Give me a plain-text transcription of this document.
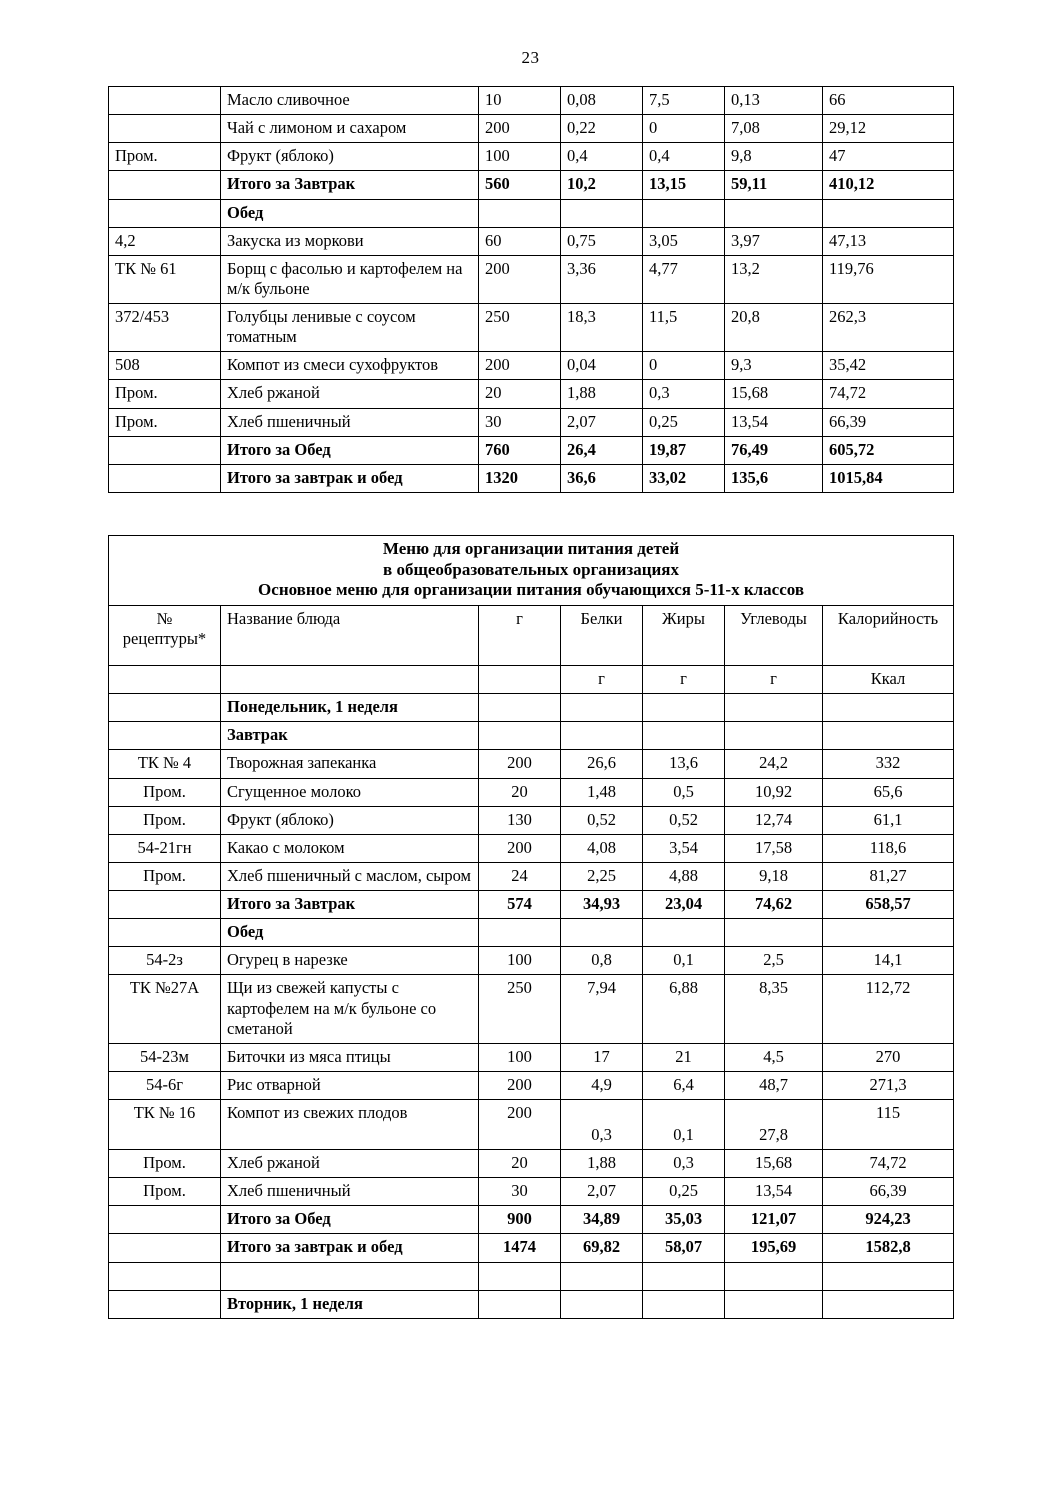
23
	Масло сливочное	10	0,08	7,5	0,13	66
	Чай с лимоном и сахаром	200	0,22	0	7,08	29,12
Пром.	Фрукт (яблоко)	100	0,4	0,4	9,8	47
	Итого за Завтрак	560	10,2	13,15	59,11	410,12
	Обед					
4,2	Закуска из моркови	60	0,75	3,05	3,97	47,13
ТК № 61	Борщ с фасолью и картофелем на м/к бульоне	200	3,36	4,77	13,2	119,76
372/453	Голубцы ленивые с соусом томатным	250	18,3	11,5	20,8	262,3
508	Компот из смеси сухофруктов	200	0,04	0	9,3	35,42
Пром.	Хлеб ржаной	20	1,88	0,3	15,68	74,72
Пром.	Хлеб пшеничный	30	2,07	0,25	13,54	66,39
	Итого за Обед	760	26,4	19,87	76,49	605,72
	Итого за завтрак и обед	1320	36,6	33,02	135,6	1015,84
Меню для организации питания детей
в общеобразовательных организациях
Основное меню для организации питания обучающихся 5-11-х классов						

№ рецептуры*	Название блюда	г	Белки	Жиры	Углеводы	Калорийность
			г	г	г	Ккал
	Понедельник, 1 неделя					
	Завтрак					
ТК № 4	Творожная запеканка	200	26,6	13,6	24,2	332
Пром.	Сгущенное молоко	20	1,48	0,5	10,92	65,6
Пром.	Фрукт (яблоко)	130	0,52	0,52	12,74	61,1
54-21гн	Какао с молоком	200	4,08	3,54	17,58	118,6
Пром.	Хлеб пшеничный с маслом, сыром	24	2,25	4,88	9,18	81,27
	Итого за Завтрак	574	34,93	23,04	74,62	658,57
	Обед					
54-2з	Огурец в нарезке	100	0,8	0,1	2,5	14,1
ТК №27А	Щи из свежей капусты с картофелем на м/к бульоне со сметаной	250	7,94	6,88	8,35	112,72
54-23м	Биточки из мяса птицы	100	17	21	4,5	270
54-6г	Рис отварной	200	4,9	6,4	48,7	271,3
ТК № 16	Компот из свежих плодов	200	0,3	0,1	27,8	115
Пром.	Хлеб ржаной	20	1,88	0,3	15,68	74,72
Пром.	Хлеб пшеничный	30	2,07	0,25	13,54	66,39
	Итого за Обед	900	34,89	35,03	121,07	924,23
	Итого за завтрак и обед	1474	69,82	58,07	195,69	1582,8

	Вторник, 1 неделя					
